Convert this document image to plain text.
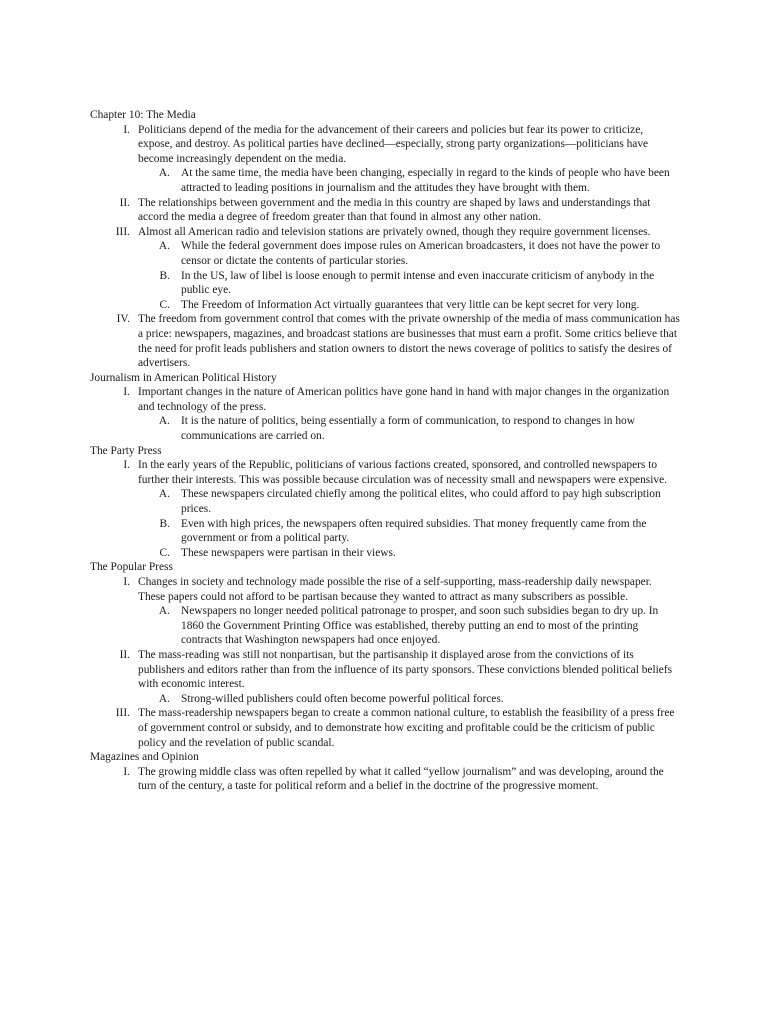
Chapter 10: The Media
I. Politicians depend of the media for the advancement of their careers and policies but fear its power to criticize, expose, and destroy. As political parties have declined—especially, strong party organizations—politicians have become increasingly dependent on the media.
A. At the same time, the media have been changing, especially in regard to the kinds of people who have been attracted to leading positions in journalism and the attitudes they have brought with them.
II. The relationships between government and the media in this country are shaped by laws and understandings that accord the media a degree of freedom greater than that found in almost any other nation.
III. Almost all American radio and television stations are privately owned, though they require government licenses.
A. While the federal government does impose rules on American broadcasters, it does not have the power to censor or dictate the contents of particular stories.
B. In the US, law of libel is loose enough to permit intense and even inaccurate criticism of anybody in the public eye.
C. The Freedom of Information Act virtually guarantees that very little can be kept secret for very long.
IV. The freedom from government control that comes with the private ownership of the media of mass communication has a price: newspapers, magazines, and broadcast stations are businesses that must earn a profit. Some critics believe that the need for profit leads publishers and station owners to distort the news coverage of politics to satisfy the desires of advertisers.
Journalism in American Political History
I. Important changes in the nature of American politics have gone hand in hand with major changes in the organization and technology of the press.
A. It is the nature of politics, being essentially a form of communication, to respond to changes in how communications are carried on.
The Party Press
I. In the early years of the Republic, politicians of various factions created, sponsored, and controlled newspapers to further their interests. This was possible because circulation was of necessity small and newspapers were expensive.
A. These newspapers circulated chiefly among the political elites, who could afford to pay high subscription prices.
B. Even with high prices, the newspapers often required subsidies. That money frequently came from the government or from a political party.
C. These newspapers were partisan in their views.
The Popular Press
I. Changes in society and technology made possible the rise of a self-supporting, mass-readership daily newspaper. These papers could not afford to be partisan because they wanted to attract as many subscribers as possible.
A. Newspapers no longer needed political patronage to prosper, and soon such subsidies began to dry up. In 1860 the Government Printing Office was established, thereby putting an end to most of the printing contracts that Washington newspapers had once enjoyed.
II. The mass-reading was still not nonpartisan, but the partisanship it displayed arose from the convictions of its publishers and editors rather than from the influence of its party sponsors. These convictions blended political beliefs with economic interest.
A. Strong-willed publishers could often become powerful political forces.
III. The mass-readership newspapers began to create a common national culture, to establish the feasibility of a press free of government control or subsidy, and to demonstrate how exciting and profitable could be the criticism of public policy and the revelation of public scandal.
Magazines and Opinion
I. The growing middle class was often repelled by what it called “yellow journalism” and was developing, around the turn of the century, a taste for political reform and a belief in the doctrine of the progressive moment.
